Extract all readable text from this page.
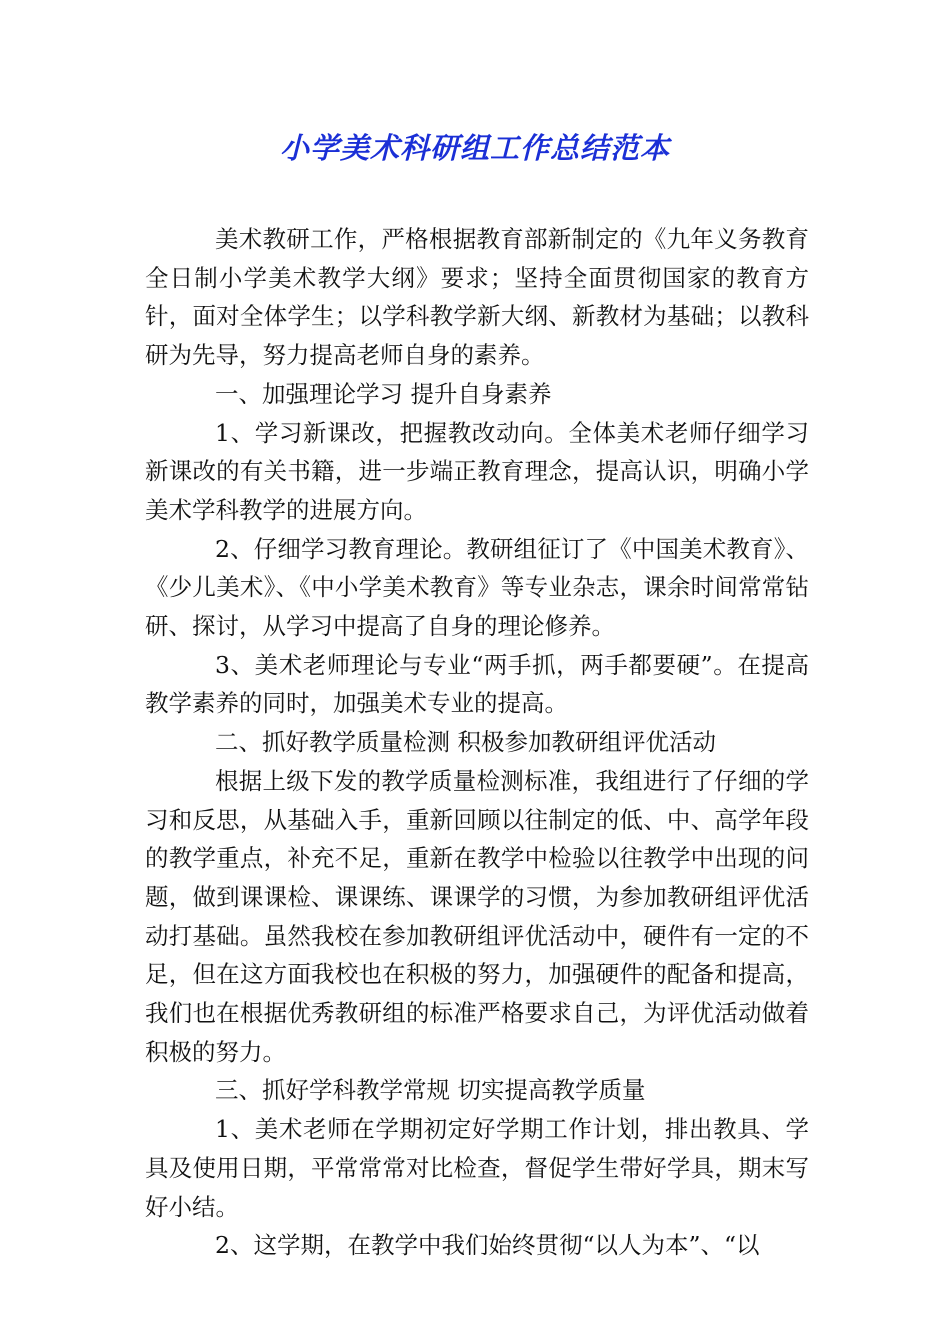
小学美术科研组工作总结范本

美术教研工作，严格根据教育部新制定的《九年义务教育全日制小学美术教学大纲》要求；坚持全面贯彻国家的教育方针，面对全体学生；以学科教学新大纲、新教材为基础；以教科研为先导，努力提高老师自身的素养。

一、加强理论学习 提升自身素养

1、学习新课改，把握教改动向。全体美术老师仔细学习新课改的有关书籍，进一步端正教育理念，提高认识，明确小学美术学科教学的进展方向。

2、仔细学习教育理论。教研组征订了《中国美术教育》、《少儿美术》、《中小学美术教育》等专业杂志，课余时间常常钻研、探讨，从学习中提高了自身的理论修养。

3、美术老师理论与专业“两手抓，两手都要硬”。在提高教学素养的同时，加强美术专业的提高。

二、抓好教学质量检测 积极参加教研组评优活动

根据上级下发的教学质量检测标准，我组进行了仔细的学习和反思，从基础入手，重新回顾以往制定的低、中、高学年段的教学重点，补充不足，重新在教学中检验以往教学中出现的问题，做到课课检、课课练、课课学的习惯，为参加教研组评优活动打基础。虽然我校在参加教研组评优活动中，硬件有一定的不足，但在这方面我校也在积极的努力，加强硬件的配备和提高，我们也在根据优秀教研组的标准严格要求自己，为评优活动做着积极的努力。

三、抓好学科教学常规 切实提高教学质量

1、美术老师在学期初定好学期工作计划，排出教具、学具及使用日期，平常常常对比检查，督促学生带好学具，期末写好小结。

2、这学期，在教学中我们始终贯彻“以人为本”、“以
